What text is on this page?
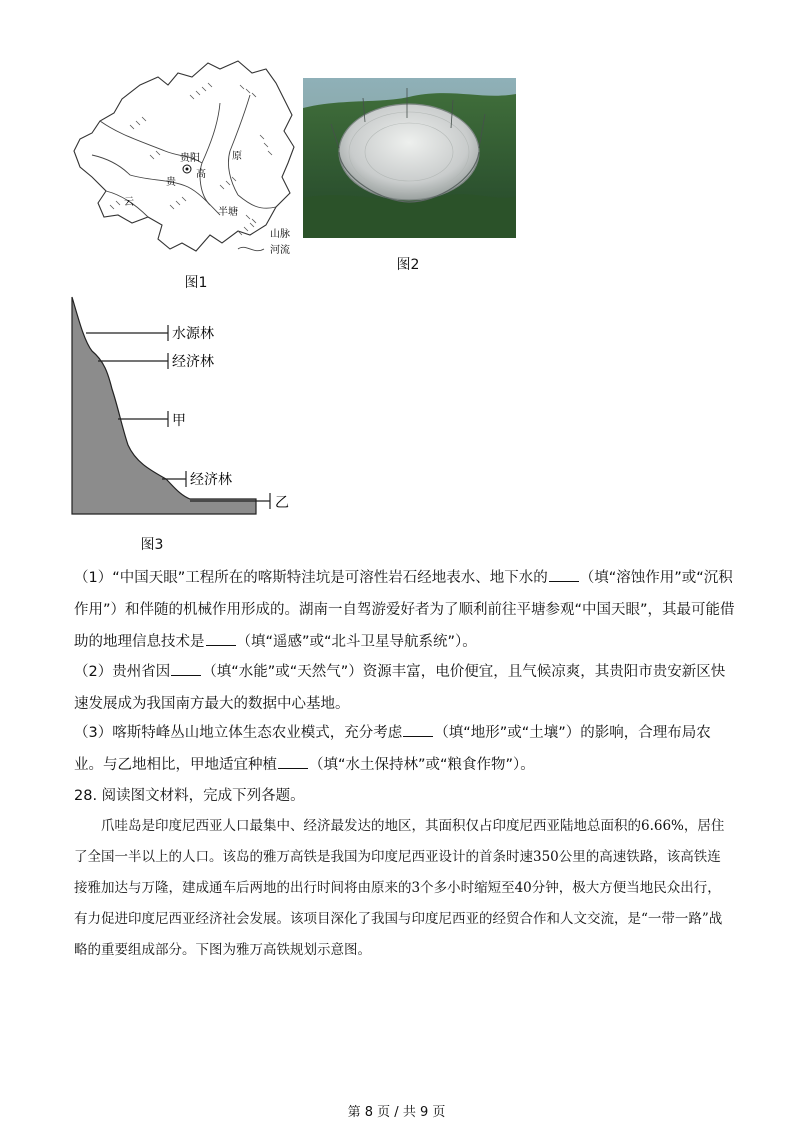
贵阳
高
贵
原
云
半塘
山脉
河流
图1
图2
水源林
经济林
甲
经济林
乙
图3

（1）“中国天眼”工程所在的喀斯特洼坑是可溶性岩石经地表水、地下水的 （填“溶蚀作用”或“沉积作用”）和伴随的机械作用形成的。湖南一自驾游爱好者为了顺利前往平塘参观“中国天眼”，其最可能借助的地理信息技术是 （填“遥感”或“北斗卫星导航系统”）。

（2）贵州省因 （填“水能”或“天然气”）资源丰富，电价便宜，且气候凉爽，其贵阳市贵安新区快速发展成为我国南方最大的数据中心基地。

（3）喀斯特峰丛山地立体生态农业模式，充分考虑 （填“地形”或“土壤”）的影响，合理布局农业。与乙地相比，甲地适宜种植 （填“水土保持林”或“粮食作物”）。

28. 阅读图文材料，完成下列各题。

爪哇岛是印度尼西亚人口最集中、经济最发达的地区，其面积仅占印度尼西亚陆地总面积的6.66%，居住了全国一半以上的人口。该岛的雅万高铁是我国为印度尼西亚设计的首条时速350公里的高速铁路，该高铁连接雅加达与万隆，建成通车后两地的出行时间将由原来的3个多小时缩短至40分钟，极大方便当地民众出行，有力促进印度尼西亚经济社会发展。该项目深化了我国与印度尼西亚的经贸合作和人文交流，是“一带一路”战略的重要组成部分。下图为雅万高铁规划示意图。

第 8 页 / 共 9 页
